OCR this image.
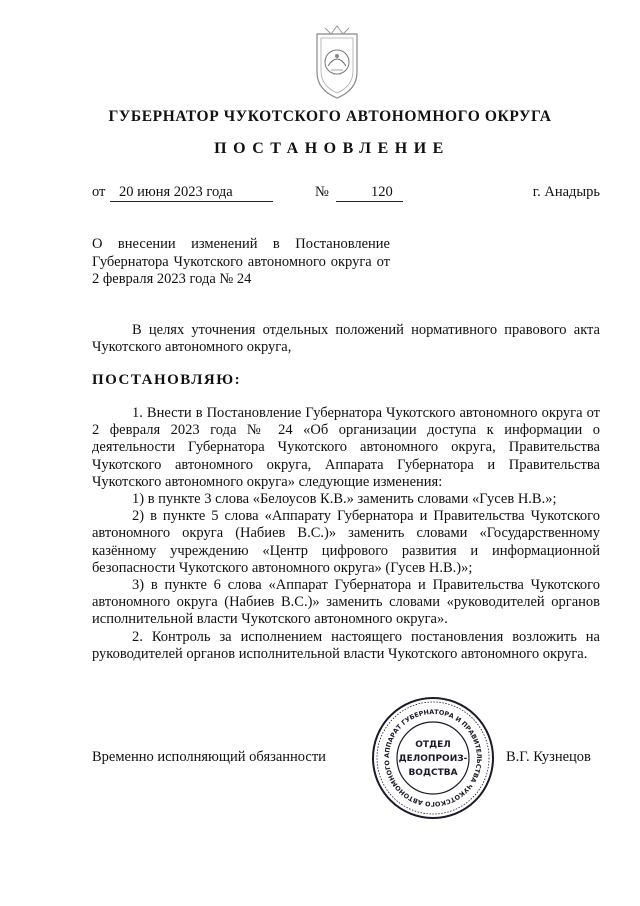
ГУБЕРНАТОР ЧУКОТСКОГО АВТОНОМНОГО ОКРУГА
ПОСТАНОВЛЕНИЕ
от 20 июня 2023 года	№	120	г. Анадырь
О внесении изменений в Постановление Губернатора Чукотского автономного округа от 2 февраля 2023 года № 24
В целях уточнения отдельных положений нормативного правового акта Чукотского автономного округа,
ПОСТАНОВЛЯЮ:

1. Внести в Постановление Губернатора Чукотского автономного округа от 2 февраля 2023 года № 24 «Об организации доступа к информации о деятельности Губернатора Чукотского автономного округа, Правительства Чукотского автономного округа, Аппарата Губернатора и Правительства Чукотского автономного округа» следующие изменения:

1) в пункте 3 слова «Белоусов К.В.» заменить словами «Гусев Н.В.»;

2) в пункте 5 слова «Аппарату Губернатора и Правительства Чукотского автономного округа (Набиев В.С.)» заменить словами «Государственному казённому учреждению «Центр цифрового развития и информационной безопасности Чукотского автономного округа» (Гусев Н.В.)»;

3) в пункте 6 слова «Аппарат Губернатора и Правительства Чукотского автономного округа (Набиев В.С.)» заменить словами «руководителей органов исполнительной власти Чукотского автономного округа».

2. Контроль за исполнением настоящего постановления возложить на руководителей органов исполнительной власти Чукотского автономного округа.

Временно исполняющий обязанности	В.Г. Кузнецов
АППАРАТ ГУБЕРНАТОРА И ПРАВИТЕЛЬСТВА ЧУКОТСКОГО АВТОНОМНОГО
ОТДЕЛ
ДЕЛОПРОИЗ-
ВОДСТВА
